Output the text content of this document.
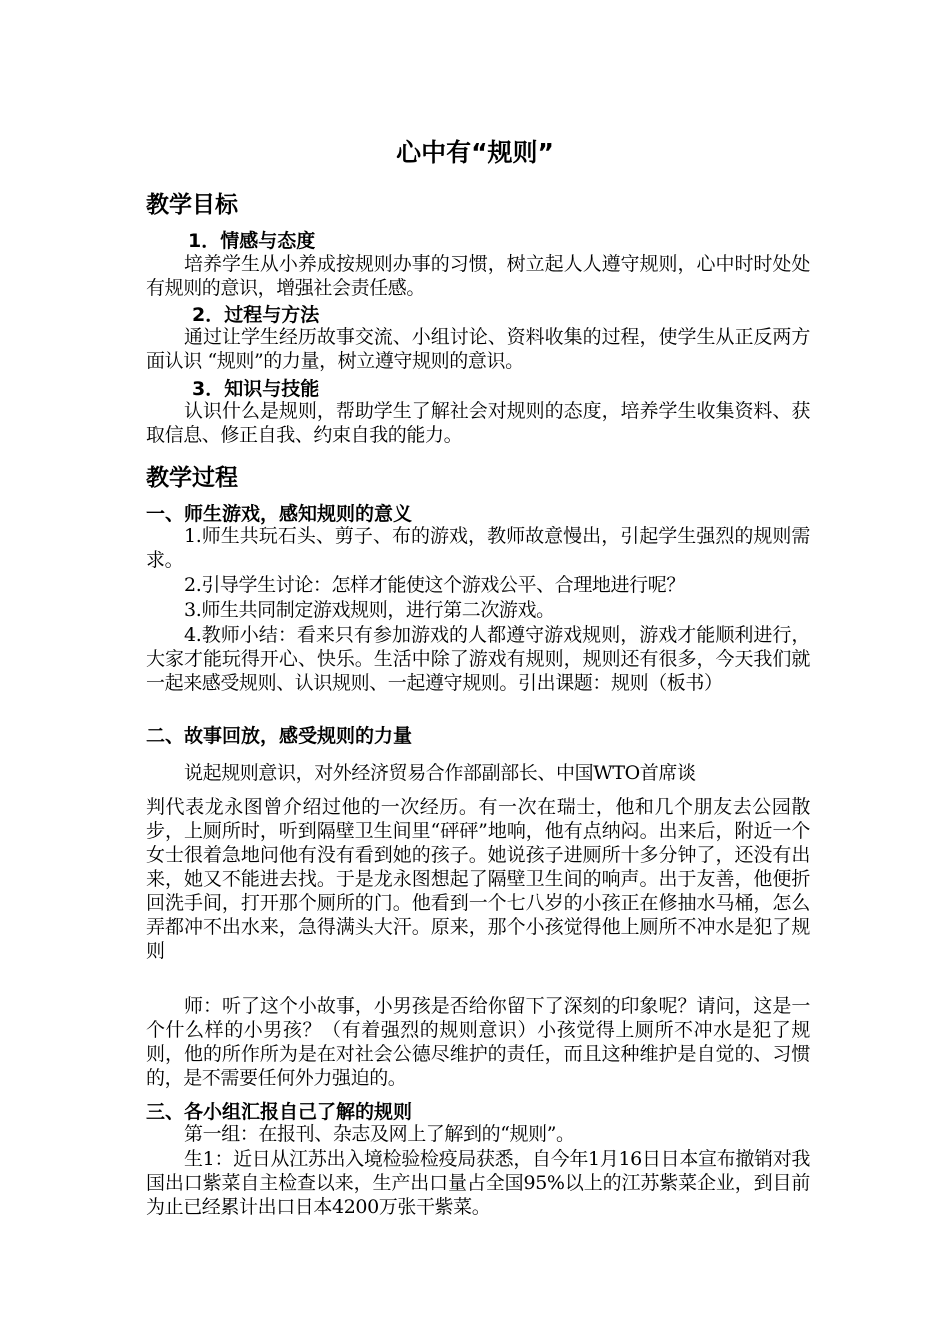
心中有“规则”
教学目标
1．情感与态度

培养学生从小养成按规则办事的习惯，树立起人人遵守规则，心中时时处处有规则的意识，增强社会责任感。

2．过程与方法

通过让学生经历故事交流、小组讨论、资料收集的过程，使学生从正反两方面认识 “规则”的力量，树立遵守规则的意识。

3．知识与技能

认识什么是规则，帮助学生了解社会对规则的态度，培养学生收集资料、获取信息、修正自我、约束自我的能力。

教学过程
一、师生游戏，感知规则的意义

1.师生共玩石头、剪子、布的游戏，教师故意慢出，引起学生强烈的规则需求。

2.引导学生讨论：怎样才能使这个游戏公平、合理地进行呢？

3.师生共同制定游戏规则，进行第二次游戏。

4.教师小结：看来只有参加游戏的人都遵守游戏规则，游戏才能顺利进行，大家才能玩得开心、快乐。生活中除了游戏有规则，规则还有很多，今天我们就一起来感受规则、认识规则、一起遵守规则。引出课题：规则（板书）

二、故事回放，感受规则的力量

说起规则意识，对外经济贸易合作部副部长、中国WTO首席谈

判代表龙永图曾介绍过他的一次经历。有一次在瑞士，他和几个朋友去公园散步，上厕所时，听到隔壁卫生间里“砰砰”地响，他有点纳闷。出来后，附近一个女士很着急地问他有没有看到她的孩子。她说孩子进厕所十多分钟了，还没有出来，她又不能进去找。于是龙永图想起了隔壁卫生间的响声。出于友善，他便折回洗手间，打开那个厕所的门。他看到一个七八岁的小孩正在修抽水马桶，怎么弄都冲不出水来，急得满头大汗。原来，那个小孩觉得他上厕所不冲水是犯了规则

师：听了这个小故事，小男孩是否给你留下了深刻的印象呢？请问，这是一个什么样的小男孩？（有着强烈的规则意识）小孩觉得上厕所不冲水是犯了规则，他的所作所为是在对社会公德尽维护的责任，而且这种维护是自觉的、习惯的，是不需要任何外力强迫的。

三、各小组汇报自己了解的规则

第一组：在报刊、杂志及网上了解到的“规则”。

生1：近日从江苏出入境检验检疫局获悉，自今年1月16日日本宣布撤销对我国出口紫菜自主检查以来，生产出口量占全国95%以上的江苏紫菜企业，到目前为止已经累计出口日本4200万张干紫菜。
